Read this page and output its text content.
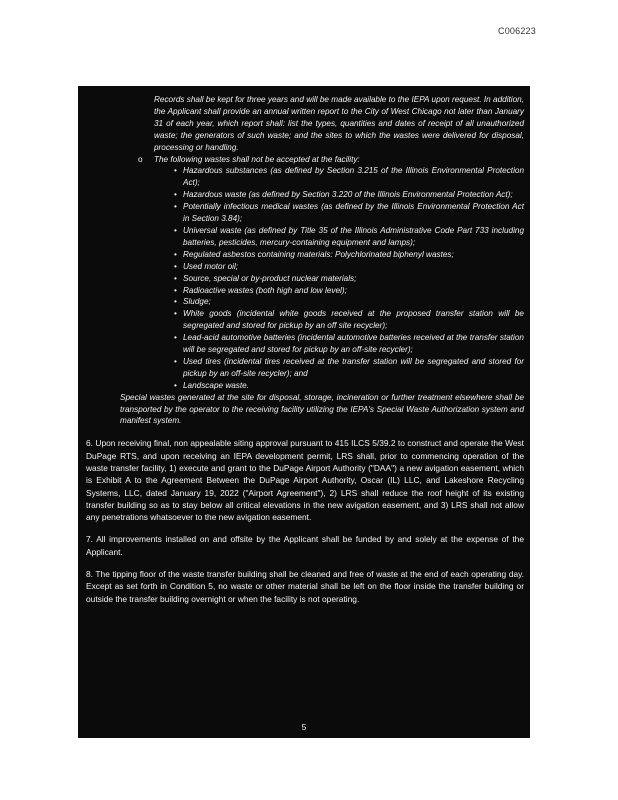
C006223

Records shall be kept for three years and will be made available to the IEPA upon request. In addition, the Applicant shall provide an annual written report to the City of West Chicago not later than January 31 of each year, which report shall: list the types, quantities and dates of receipt of all unauthorized waste; the generators of such waste; and the sites to which the wastes were delivered for disposal, processing or handling.

o The following wastes shall not be accepted at the facility:
• Hazardous substances (as defined by Section 3.215 of the Illinois Environmental Protection Act);
• Hazardous waste (as defined by Section 3.220 of the Illinois Environmental Protection Act);
• Potentially infectious medical wastes (as defined by the Illinois Environmental Protection Act in Section 3.84);
• Universal waste (as defined by Title 35 of the Illinois Administrative Code Part 733 including batteries, pesticides, mercury-containing equipment and lamps);
• Regulated asbestos containing materials: Polychlorinated biphenyl wastes;
• Used motor oil;
• Source, special or by-product nuclear materials;
• Radioactive wastes (both high and low level);
• Sludge;
• White goods (incidental white goods received at the proposed transfer station will be segregated and stored for pickup by an off site recycler);
• Lead-acid automotive batteries (incidental automotive batteries received at the transfer station will be segregated and stored for pickup by an off-site recycler);
• Used tires (incidental tires received at the transfer station will be segregated and stored for pickup by an off-site recycler); and
• Landscape waste.

Special wastes generated at the site for disposal, storage, incineration or further treatment elsewhere shall be transported by the operator to the receiving facility utilizing the IEPA's Special Waste Authorization system and manifest system.

6. Upon receiving final, non appealable siting approval pursuant to 415 ILCS 5/39.2 to construct and operate the West DuPage RTS, and upon receiving an IEPA development permit, LRS shall, prior to commencing operation of the waste transfer facility, 1) execute and grant to the DuPage Airport Authority ("DAA") a new avigation easement, which is Exhibit A to the Agreement Between the DuPage Airport Authority, Oscar (IL) LLC, and Lakeshore Recycling Systems, LLC, dated January 19, 2022 ("Airport Agreement"), 2) LRS shall reduce the roof height of its existing transfer building so as to stay below all critical elevations in the new avigation easement, and 3) LRS shall not allow any penetrations whatsoever to the new avigation easement.

7. All improvements installed on and offsite by the Applicant shall be funded by and solely at the expense of the Applicant.

8. The tipping floor of the waste transfer building shall be cleaned and free of waste at the end of each operating day. Except as set forth in Condition 5, no waste or other material shall be left on the floor inside the transfer building or outside the transfer building overnight or when the facility is not operating.

5
